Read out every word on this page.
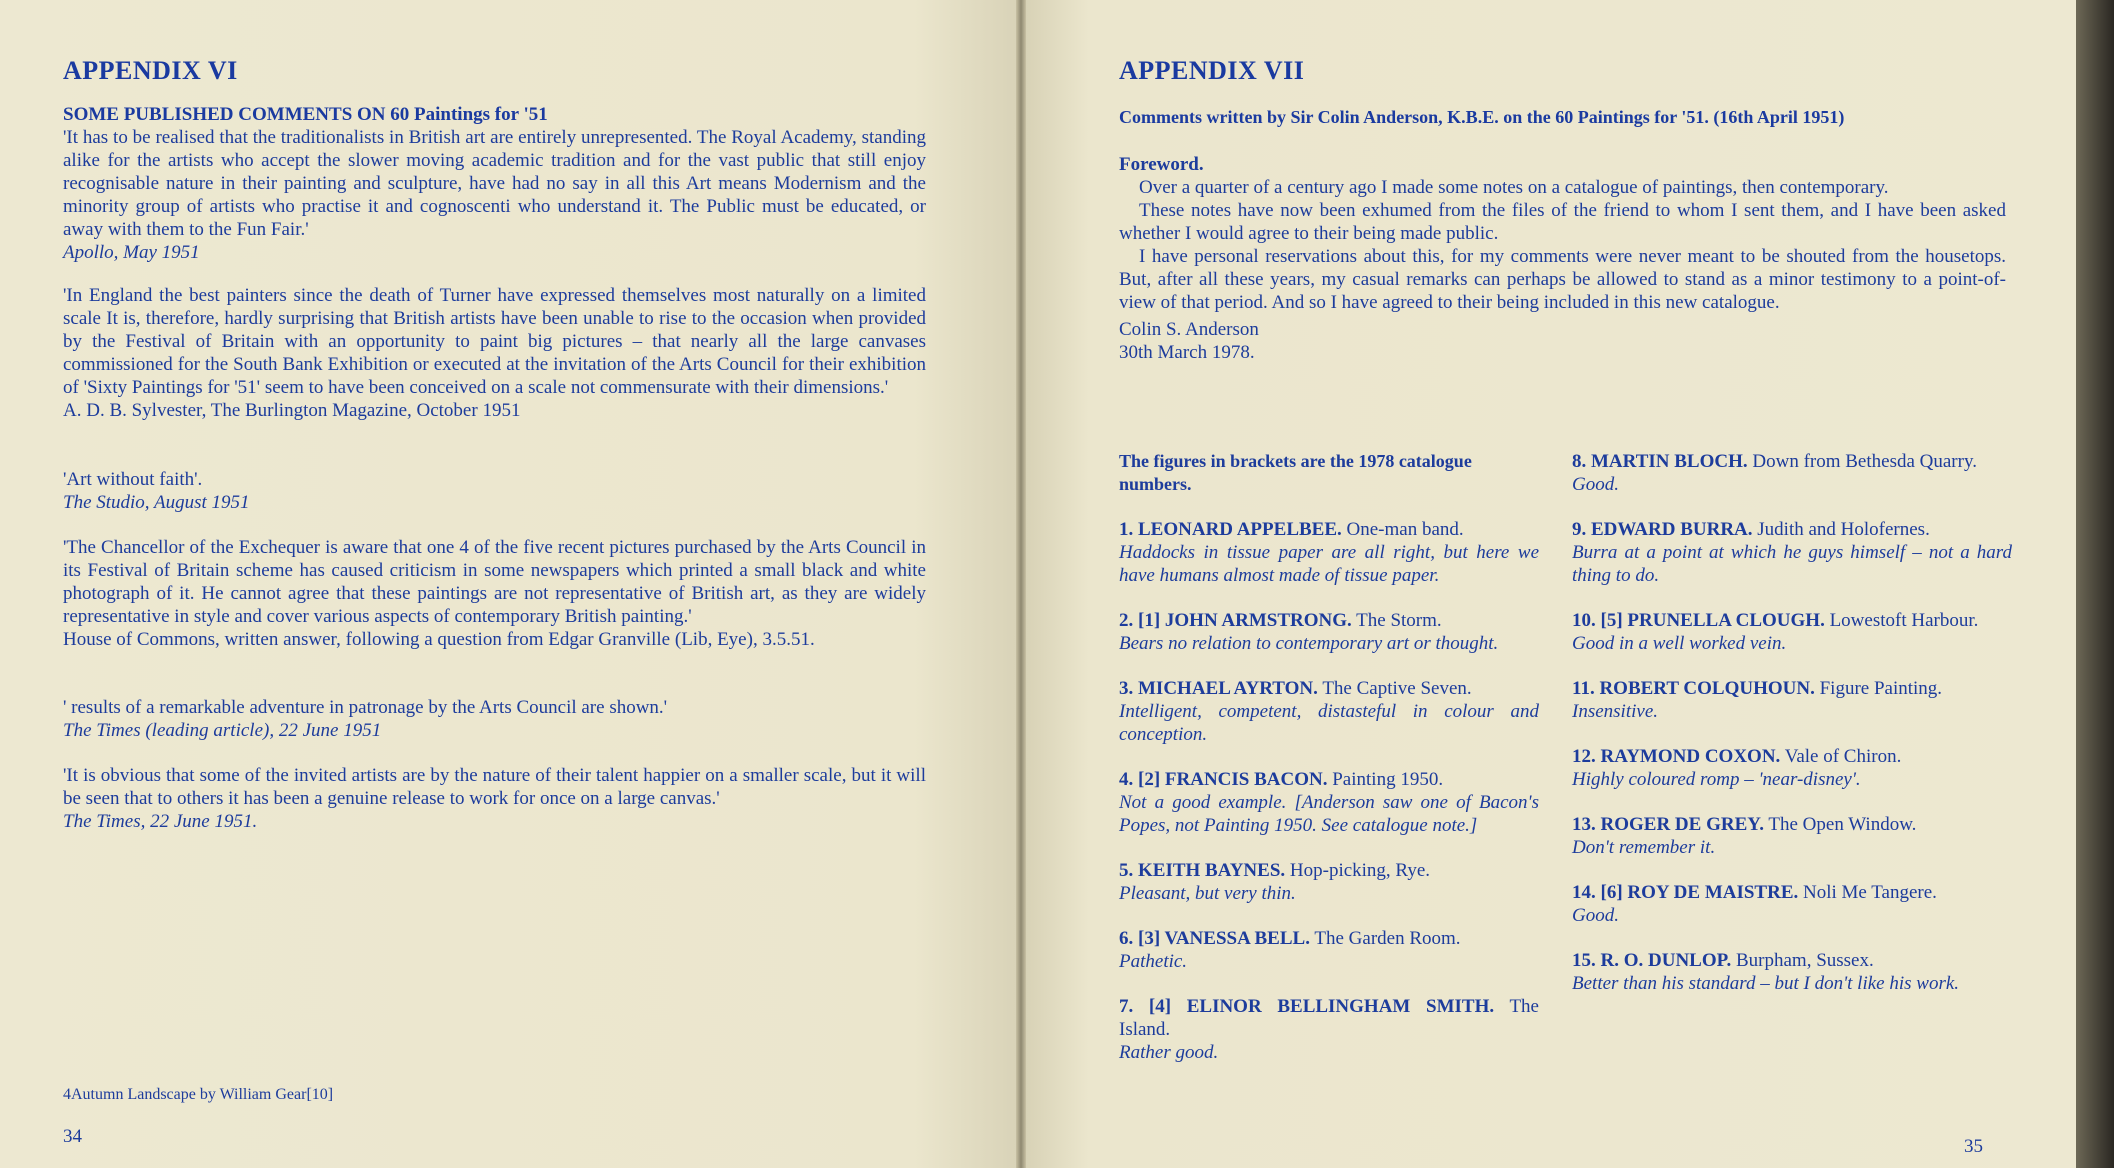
APPENDIX VI
SOME PUBLISHED COMMENTS ON 60 Paintings for '51

'It has to be realised that the traditionalists in British art are entirely unrepresented. The Royal Academy, standing alike for the artists who accept the slower moving academic tradition and for the vast public that still enjoy recognisable nature in their painting and sculpture, have had no say in all this Art means Modernism and the minority group of artists who practise it and cognoscenti who understand it. The Public must be educated, or away with them to the Fun Fair.'

Apollo, May 1951

'In England the best painters since the death of Turner have expressed themselves most naturally on a limited scale It is, therefore, hardly surprising that British artists have been unable to rise to the occasion when provided by the Festival of Britain with an opportunity to paint big pictures – that nearly all the large canvases commissioned for the South Bank Exhibition or executed at the invitation of the Arts Council for their exhibition of 'Sixty Paintings for '51' seem to have been conceived on a scale not commensurate with their dimensions.'

A. D. B. Sylvester, The Burlington Magazine, October 1951

'Art without faith'.

The Studio, August 1951

'The Chancellor of the Exchequer is aware that one 4 of the five recent pictures purchased by the Arts Council in its Festival of Britain scheme has caused criticism in some newspapers which printed a small black and white photograph of it. He cannot agree that these paintings are not representative of British art, as they are widely representative in style and cover various aspects of contemporary British painting.'

House of Commons, written answer, following a question from Edgar Granville (Lib, Eye), 3.5.51.

' results of a remarkable adventure in patronage by the Arts Council are shown.'

The Times (leading article), 22 June 1951

'It is obvious that some of the invited artists are by the nature of their talent happier on a smaller scale, but it will be seen that to others it has been a genuine release to work for once on a large canvas.'

The Times, 22 June 1951.

4Autumn Landscape by William Gear[10]
34
APPENDIX VII
Comments written by Sir Colin Anderson, K.B.E. on the 60 Paintings for '51. (16th April 1951)

Foreword.

Over a quarter of a century ago I made some notes on a catalogue of paintings, then contemporary.

These notes have now been exhumed from the files of the friend to whom I sent them, and I have been asked whether I would agree to their being made public.

I have personal reservations about this, for my comments were never meant to be shouted from the housetops. But, after all these years, my casual remarks can perhaps be allowed to stand as a minor testimony to a point-of-view of that period. And so I have agreed to their being included in this new catalogue.

Colin S. Anderson

30th March 1978.

The figures in brackets are the 1978 catalogue numbers.

1. LEONARD APPELBEE. One-man band.
Haddocks in tissue paper are all right, but here we have humans almost made of tissue paper.

2. [1] JOHN ARMSTRONG. The Storm.
Bears no relation to contemporary art or thought.

3. MICHAEL AYRTON. The Captive Seven.
Intelligent, competent, distasteful in colour and conception.

4. [2] FRANCIS BACON. Painting 1950.
Not a good example. [Anderson saw one of Bacon's Popes, not Painting 1950. See catalogue note.]

5. KEITH BAYNES. Hop-picking, Rye.
Pleasant, but very thin.

6. [3] VANESSA BELL. The Garden Room.
Pathetic.

7. [4] ELINOR BELLINGHAM SMITH. The Island.
Rather good.

8. MARTIN BLOCH. Down from Bethesda Quarry.
Good.

9. EDWARD BURRA. Judith and Holofernes.
Burra at a point at which he guys himself – not a hard thing to do.

10. [5] PRUNELLA CLOUGH. Lowestoft Harbour.
Good in a well worked vein.

11. ROBERT COLQUHOUN. Figure Painting.
Insensitive.

12. RAYMOND COXON. Vale of Chiron.
Highly coloured romp – 'near-disney'.

13. ROGER DE GREY. The Open Window.
Don't remember it.

14. [6] ROY DE MAISTRE. Noli Me Tangere.
Good.

15. R. O. DUNLOP. Burpham, Sussex.
Better than his standard – but I don't like his work.

35
